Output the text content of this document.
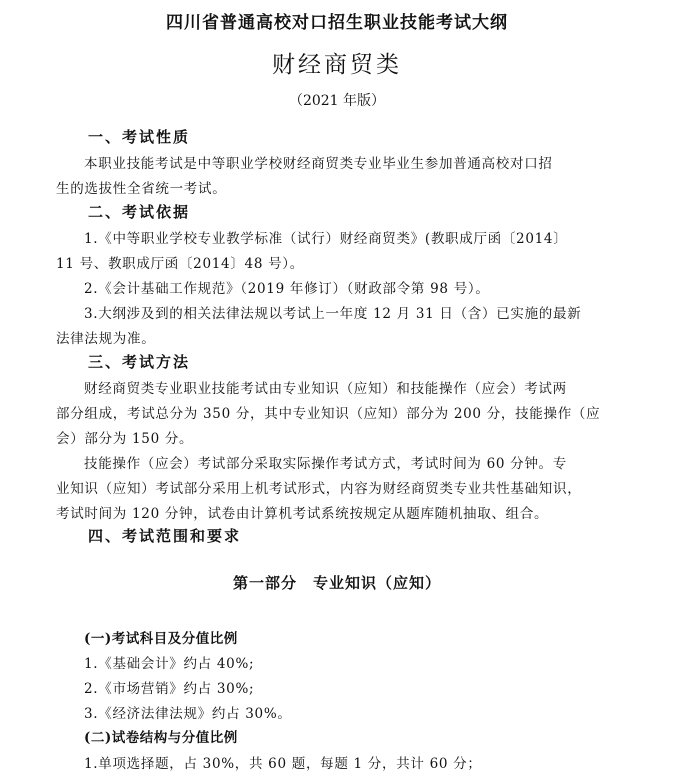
四川省普通高校对口招生职业技能考试大纲
财经商贸类
（2021 年版）
一、考试性质
本职业技能考试是中等职业学校财经商贸类专业毕业生参加普通高校对口招
生的选拔性全省统一考试。
二、考试依据
1.《中等职业学校专业教学标准（试行）财经商贸类》(教职成厅函〔2014〕
11 号、教职成厅函〔2014〕48 号）。
2.《会计基础工作规范》（2019 年修订）（财政部令第 98 号）。
3.大纲涉及到的相关法律法规以考试上一年度 12 月 31 日（含）已实施的最新
法律法规为准。
三、考试方法
财经商贸类专业职业技能考试由专业知识（应知）和技能操作（应会）考试两
部分组成，考试总分为 350 分，其中专业知识（应知）部分为 200 分，技能操作（应
会）部分为 150 分。
技能操作（应会）考试部分采取实际操作考试方式，考试时间为 60 分钟。专
业知识（应知）考试部分采用上机考试形式，内容为财经商贸类专业共性基础知识，
考试时间为 120 分钟，试卷由计算机考试系统按规定从题库随机抽取、组合。
四、考试范围和要求
第一部分　专业知识（应知）
(一)考试科目及分值比例
1.《基础会计》约占 40%;
2.《市场营销》约占 30%;
3.《经济法律法规》约占 30%。
(二)试卷结构与分值比例
1.单项选择题，占 30%，共 60 题，每题 1 分，共计 60 分；
